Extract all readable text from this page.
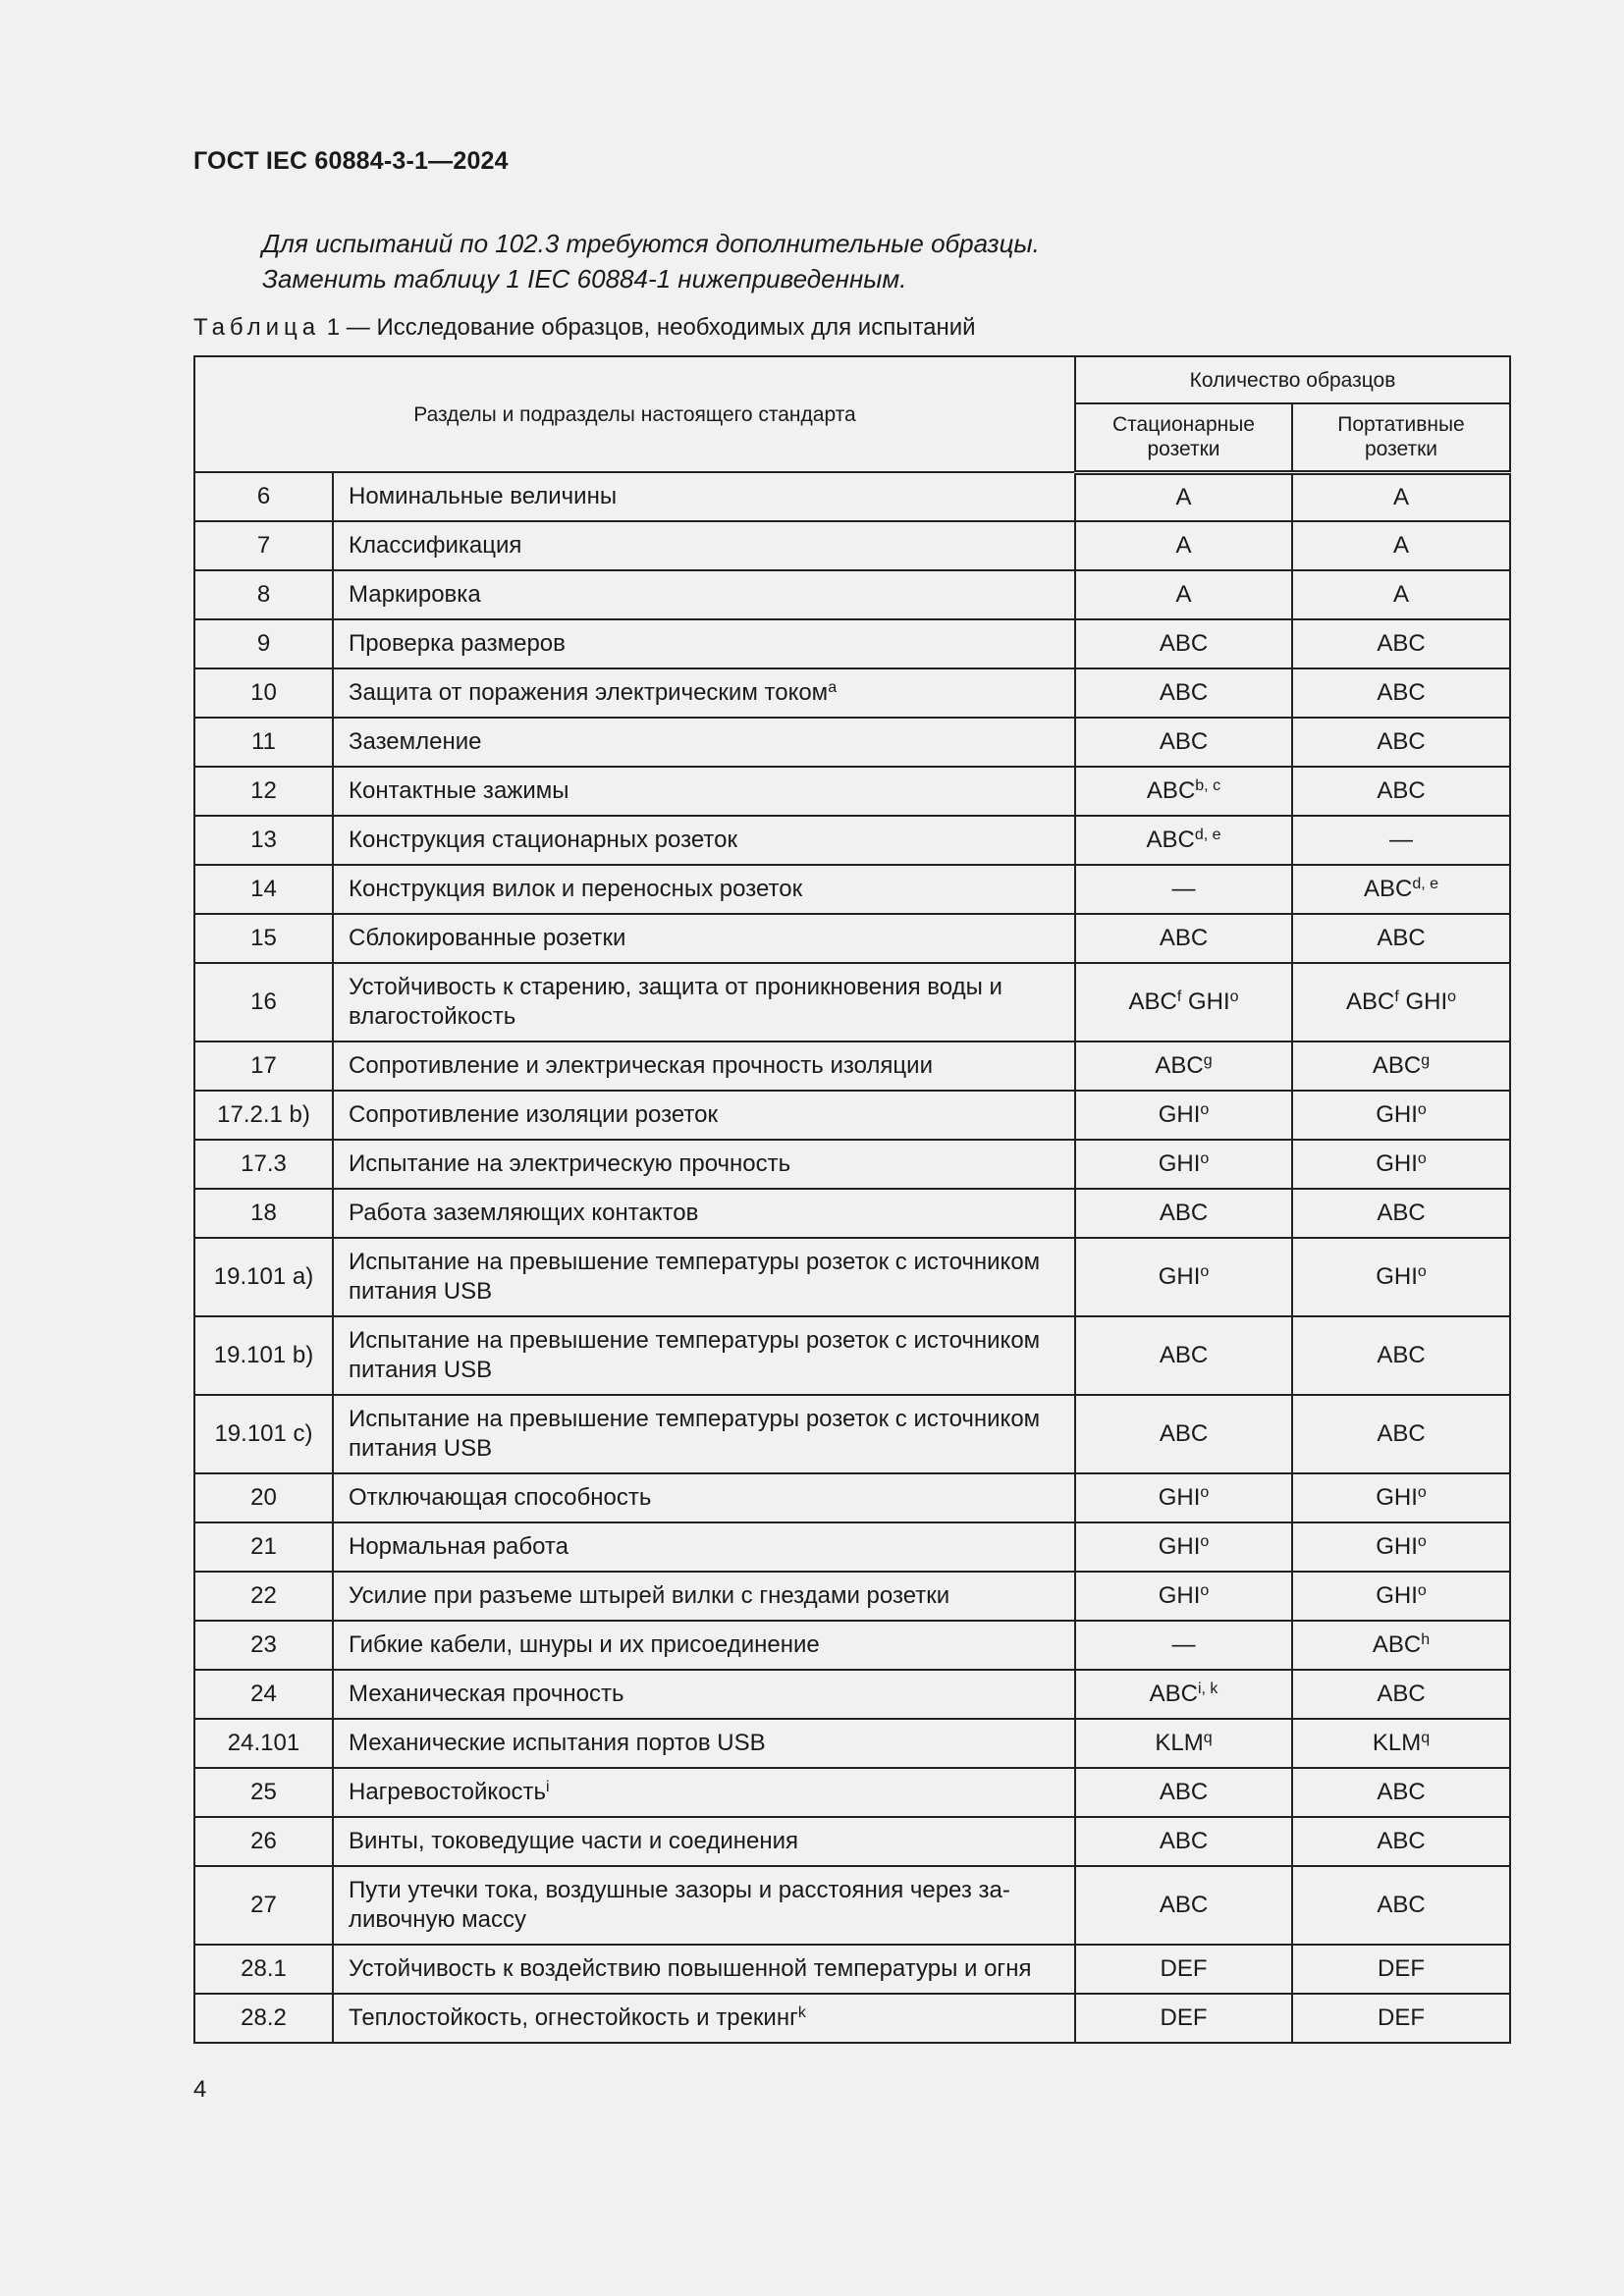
ГОСТ IEC 60884-3-1—2024
Для испытаний по 102.3 требуются дополнительные образцы.
Заменить таблицу 1 IEC 60884-1 нижеприведенным.
Таблица 1 — Исследование образцов, необходимых для испытаний
Разделы и подразделы настоящего стандарта		Количество образцов	
		Стационарные розетки	Портативные розетки
6	Номинальные величины	A	A
7	Классификация	A	A
8	Маркировка	A	A
9	Проверка размеров	ABC	ABC
10	Защита от поражения электрическим током$^a$	ABC	ABC
11	Заземление	ABC	ABC
12	Контактные зажимы	ABC$^{b, c}$	ABC
13	Конструкция стационарных розеток	ABC$^{d, e}$	—
14	Конструкция вилок и переносных розеток	—	ABC$^{d, e}$
15	Сблокированные розетки	ABC	ABC
16	Устойчивость к старению, защита от проникновения воды и влагостойкость	ABC$^f$ GHI$^o$	ABC$^f$ GHI$^o$
17	Сопротивление и электрическая прочность изоляции	ABC$^g$	ABC$^g$
17.2.1 b)	Сопротивление изоляции розеток	GHI$^o$	GHI$^o$
17.3	Испытание на электрическую прочность	GHI$^o$	GHI$^o$
18	Работа заземляющих контактов	ABC	ABC
19.101 a)	Испытание на превышение температуры розеток с источником питания USB	GHI$^o$	GHI$^o$
19.101 b)	Испытание на превышение температуры розеток с источником питания USB	ABC	ABC
19.101 c)	Испытание на превышение температуры розеток с источником питания USB	ABC	ABC
20	Отключающая способность	GHI$^o$	GHI$^o$
21	Нормальная работа	GHI$^o$	GHI$^o$
22	Усилие при разъеме штырей вилки с гнездами розетки	GHI$^o$	GHI$^o$
23	Гибкие кабели, шнуры и их присоединение	—	ABC$^h$
24	Механическая прочность	ABC$^{i, k}$	ABC
24.101	Механические испытания портов USB	KLM$^q$	KLM$^q$
25	Нагревостойкость$^i$	ABC	ABC
26	Винты, токоведущие части и соединения	ABC	ABC
27	Пути утечки тока, воздушные зазоры и расстояния через за-ливочную массу	ABC	ABC
28.1	Устойчивость к воздействию повышенной температуры и огня	DEF	DEF
28.2	Теплостойкость, огнестойкость и трекинг$^k$	DEF	DEF
4
